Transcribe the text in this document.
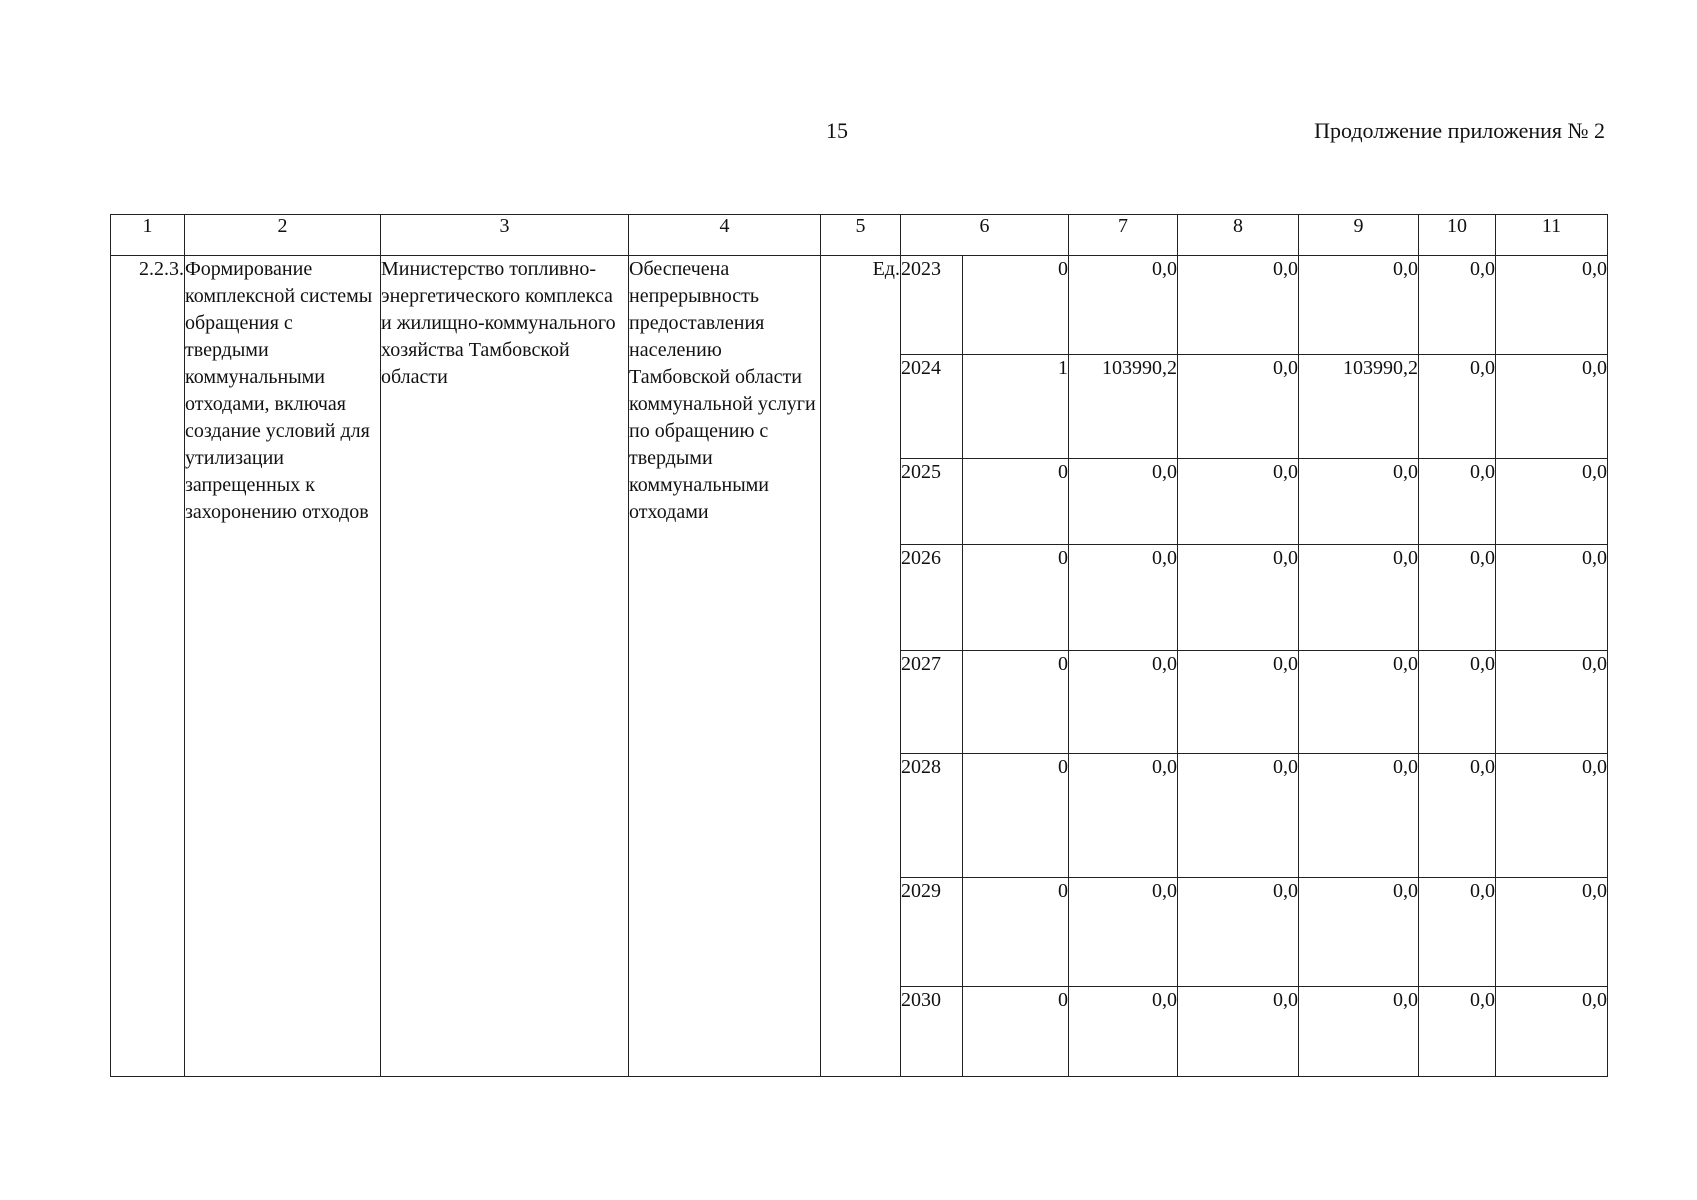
15	Продолжение приложения № 2
1	2	3	4	5	6		7	8	9	10	11
2.2.3.	Формирование комплексной системы обращения с твердыми коммунальными отходами, включая создание условий для утилизации запрещенных к захоронению отходов	Министерство топливно-энергетического комплекса и жилищно-коммунального хозяйства Тамбовской области	Обеспечена непрерывность предоставления населению Тамбовской области коммунальной услуги по обращению с твердыми коммунальными отходами	Ед.	2023	0	0,0	0,0	0,0	0,0	0,0
					2024	1	103990,2	0,0	103990,2	0,0	0,0
					2025	0	0,0	0,0	0,0	0,0	0,0
					2026	0	0,0	0,0	0,0	0,0	0,0
					2027	0	0,0	0,0	0,0	0,0	0,0
					2028	0	0,0	0,0	0,0	0,0	0,0
					2029	0	0,0	0,0	0,0	0,0	0,0
					2030	0	0,0	0,0	0,0	0,0	0,0
